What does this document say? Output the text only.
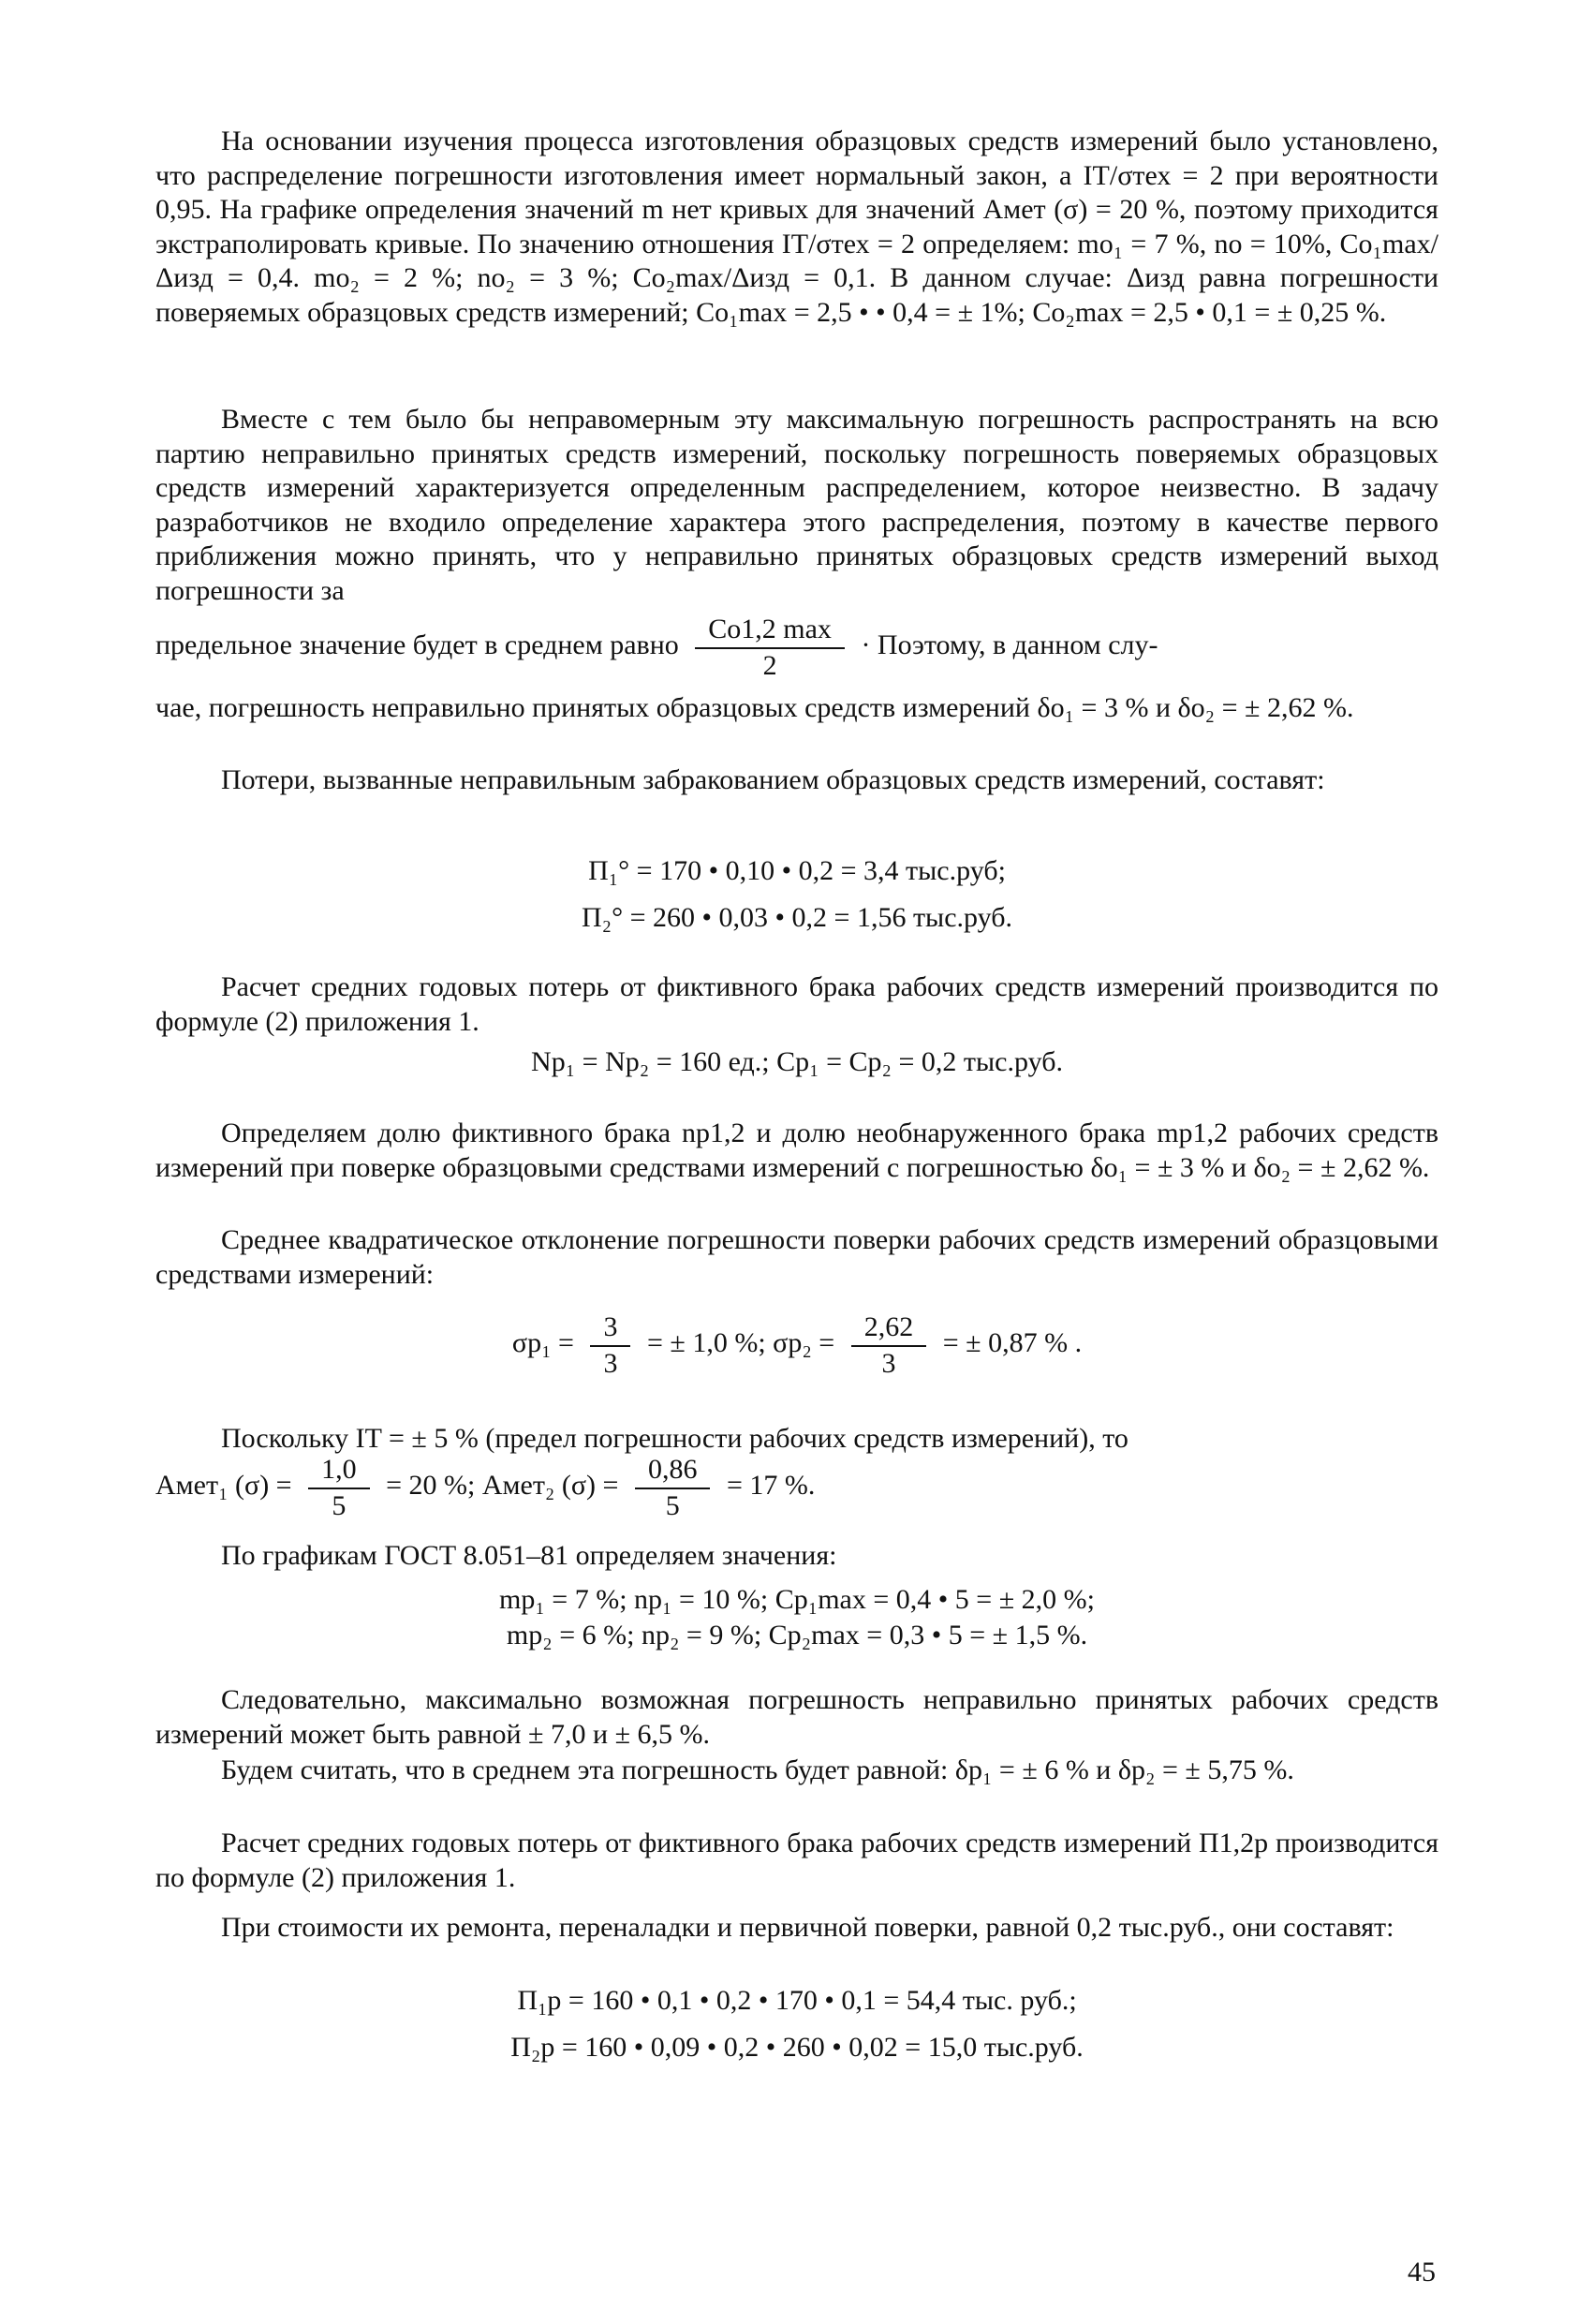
На основании изучения процесса изготовления образцовых средств измерений было установлено, что распределение погрешности изготовления имеет нормальный закон, а IT/σтех = 2 при вероятности 0,95. На графике определения значений m нет кривых для значений Aмет (σ) = 20 %, поэтому приходится экстраполировать кривые. По значению отношения IT/σтех = 2 определяем: mo₁ = 7 %, no = 10%, Co₁max/Δизд = 0,4. mo₂ = 2 %; no₂ = 3 %; Co₂max/Δизд = 0,1. В данном случае: Δизд равна погрешности поверяемых образцовых средств измерений; Co₁max = 2,5 • • 0,4 = ± 1%; Co₂max = 2,5 • 0,1 = ± 0,25 %.

Вместе с тем было бы неправомерным эту максимальную погрешность распространять на всю партию неправильно принятых средств измерений, поскольку погрешность поверяемых образцовых средств измерений характеризуется определенным распределением, которое неизвестно. В задачу разработчиков не входило определение характера этого распределения, поэтому в качестве первого приближения можно принять, что у неправильно принятых образцовых средств измерений выход погрешности за

предельное значение будет в среднем равно $\frac{Co1,2 \max}{2}$ · Поэтому, в данном слу-

чае, погрешность неправильно принятых образцовых средств измерений δo₁ = 3 % и δo₂ = ± 2,62 %.

Потери, вызванные неправильным забракованием образцовых средств измерений, составят:

П₁° = 170 • 0,10 • 0,2 = 3,4 тыс.руб;

П₂° = 260 • 0,03 • 0,2 = 1,56 тыс.руб.

Расчет средних годовых потерь от фиктивного брака рабочих средств измерений производится по формуле (2) приложения 1.

Np₁ = Np₂ = 160 ед.; Cp₁ = Cp₂ = 0,2 тыс.руб.

Определяем долю фиктивного брака np1,2 и долю необнаруженного брака mp1,2 рабочих средств измерений при поверке образцовыми средствами измерений с погрешностью δo₁ = ± 3 % и δo₂ = ± 2,62 %.

Среднее квадратическое отклонение погрешности поверки рабочих средств измерений образцовыми средствами измерений:

$\sigma p_1 = \frac{3}{3}$ = ± 1,0 %; $\sigma p_2 = \frac{2,62}{3}$ = ± 0,87 % .

Поскольку IT = ± 5 % (предел погрешности рабочих средств измерений), то

Aмет₁ $(\sigma) = \frac{1,0}{5} = 20$ %; Aмет₂ $(\sigma) = \frac{0,86}{5} = 17$ %.

По графикам ГОСТ 8.051–81 определяем значения:

mp₁ = 7 %; np₁ = 10 %; Cp₁max = 0,4 • 5 = ± 2,0 %;

mp₂ = 6 %; np₂ = 9 %; Cp₂max = 0,3 • 5 = ± 1,5 %.

Следовательно, максимально возможная погрешность неправильно принятых рабочих средств измерений может быть равной ± 7,0 и ± 6,5 %.

Будем считать, что в среднем эта погрешность будет равной: δp₁ = ± 6 % и δp₂ = ± 5,75 %.

Расчет средних годовых потерь от фиктивного брака рабочих средств измерений П1,2p производится по формуле (2) приложения 1.

При стоимости их ремонта, переналадки и первичной поверки, равной 0,2 тыс.руб., они составят:

П₁p = 160 • 0,1 • 0,2 • 170 • 0,1 = 54,4 тыс. руб.;

П₂p = 160 • 0,09 • 0,2 • 260 • 0,02 = 15,0 тыс.руб.

45
